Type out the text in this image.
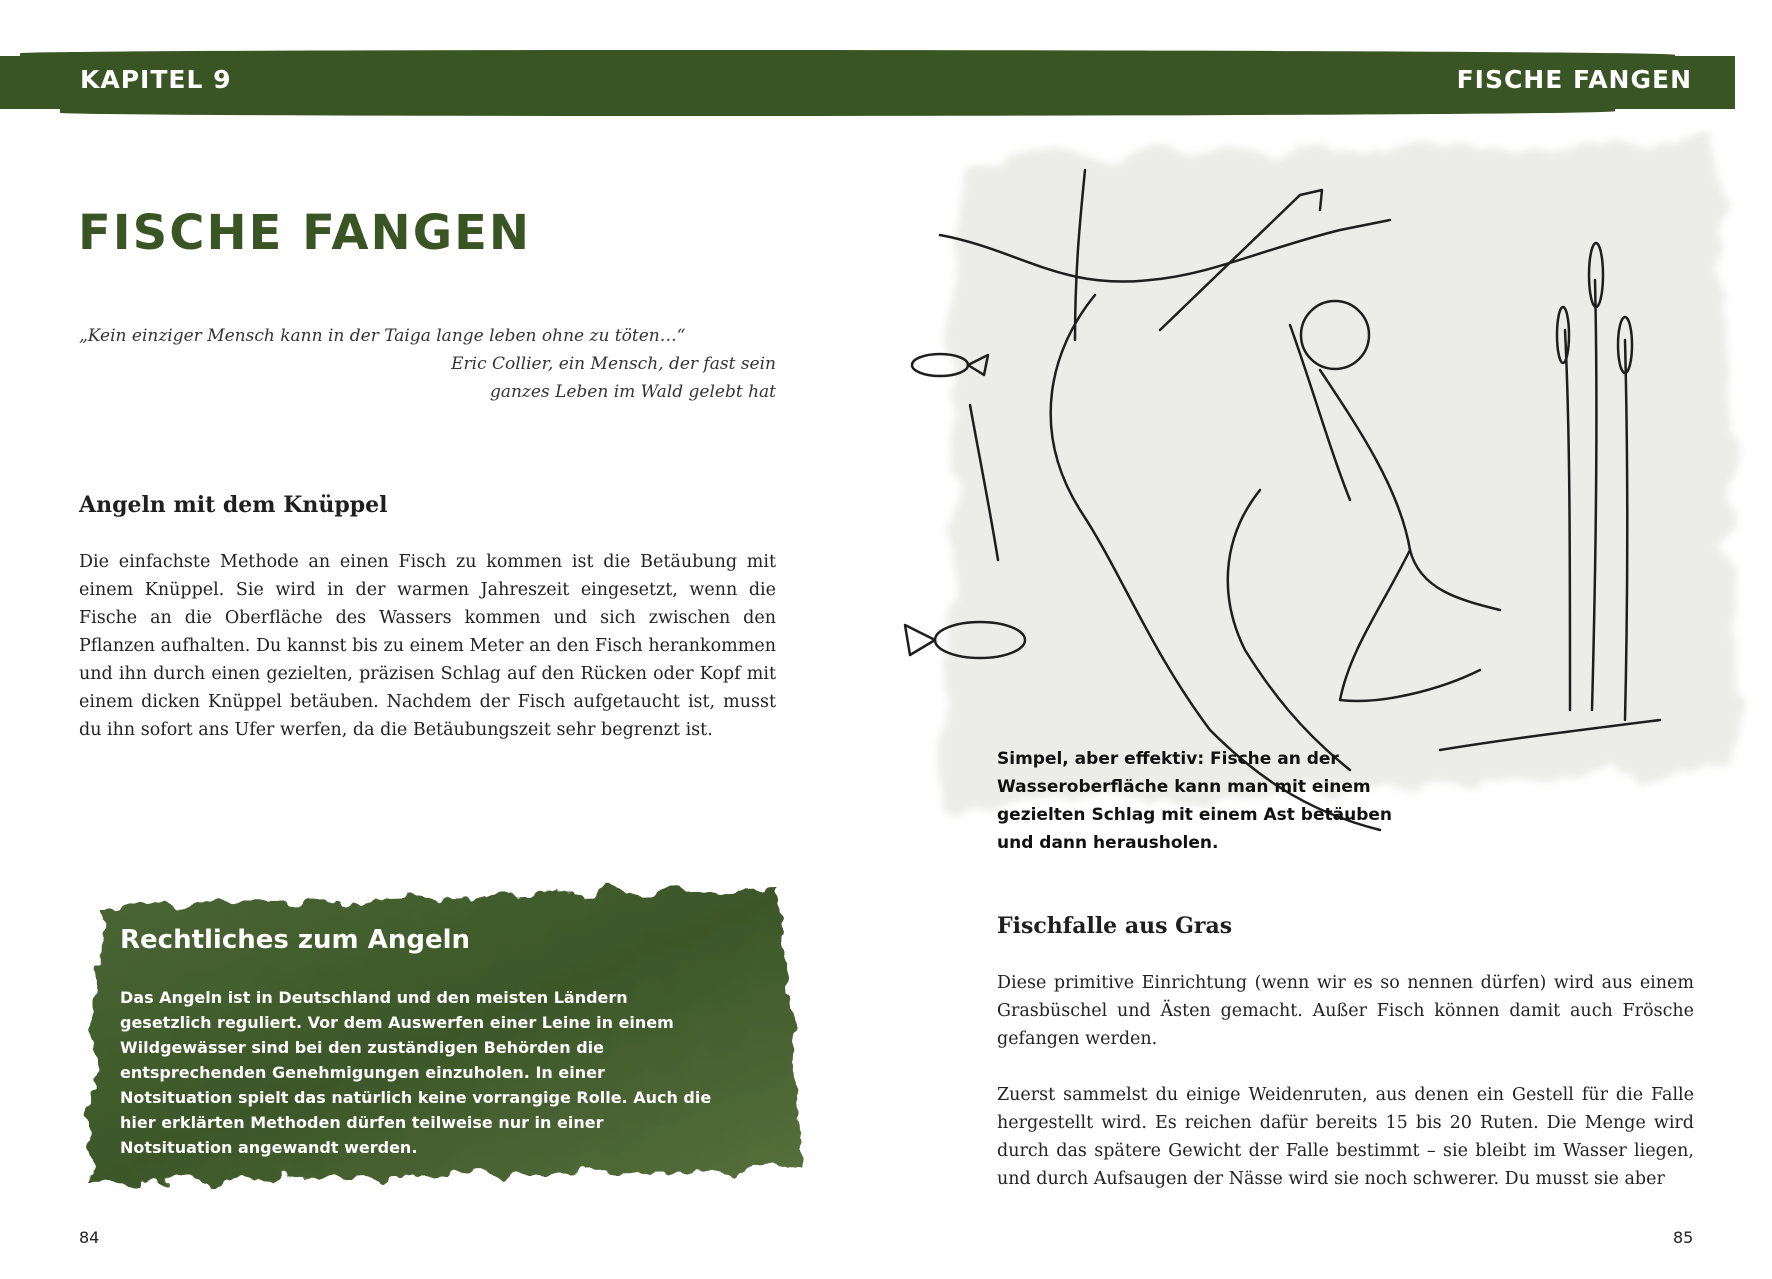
KAPITEL 9	FISCHE FANGEN
FISCHE FANGEN

„Kein einziger Mensch kann in der Taiga lange leben ohne zu töten…“

Eric Collier, ein Mensch, der fast sein

ganzes Leben im Wald gelebt hat

Angeln mit dem Knüppel

Die einfachste Methode an einen Fisch zu kommen ist die Betäubung mit einem Knüppel. Sie wird in der warmen Jahreszeit eingesetzt, wenn die Fische an die Oberfläche des Wassers kommen und sich zwischen den Pflanzen aufhalten. Du kannst bis zu einem Meter an den Fisch herankommen und ihn durch einen gezielten, präzisen Schlag auf den Rücken oder Kopf mit einem dicken Knüppel betäuben. Nachdem der Fisch aufgetaucht ist, musst du ihn sofort ans Ufer werfen, da die Betäubungszeit sehr begrenzt ist.

Rechtliches zum Angeln

Das Angeln ist in Deutschland und den meisten Ländern gesetzlich reguliert. Vor dem Auswerfen einer Leine in einem Wildgewässer sind bei den zuständigen Behörden die entsprechenden Genehmigungen einzuholen. In einer Notsituation spielt das natürlich keine vorrangige Rolle. Auch die hier erklärten Methoden dürfen teilweise nur in einer Notsituation angewandt werden.

84

Simpel, aber effektiv: Fische an der Wasseroberfläche kann man mit einem gezielten Schlag mit einem Ast betäuben und dann herausholen.

Fischfalle aus Gras

Diese primitive Einrichtung (wenn wir es so nennen dürfen) wird aus einem Grasbüschel und Ästen gemacht. Außer Fisch können damit auch Frösche gefangen werden.

Zuerst sammelst du einige Weidenruten, aus denen ein Gestell für die Falle hergestellt wird. Es reichen dafür bereits 15 bis 20 Ruten. Die Menge wird durch das spätere Gewicht der Falle bestimmt – sie bleibt im Wasser liegen, und durch Aufsaugen der Nässe wird sie noch schwerer. Du musst sie aber

85
